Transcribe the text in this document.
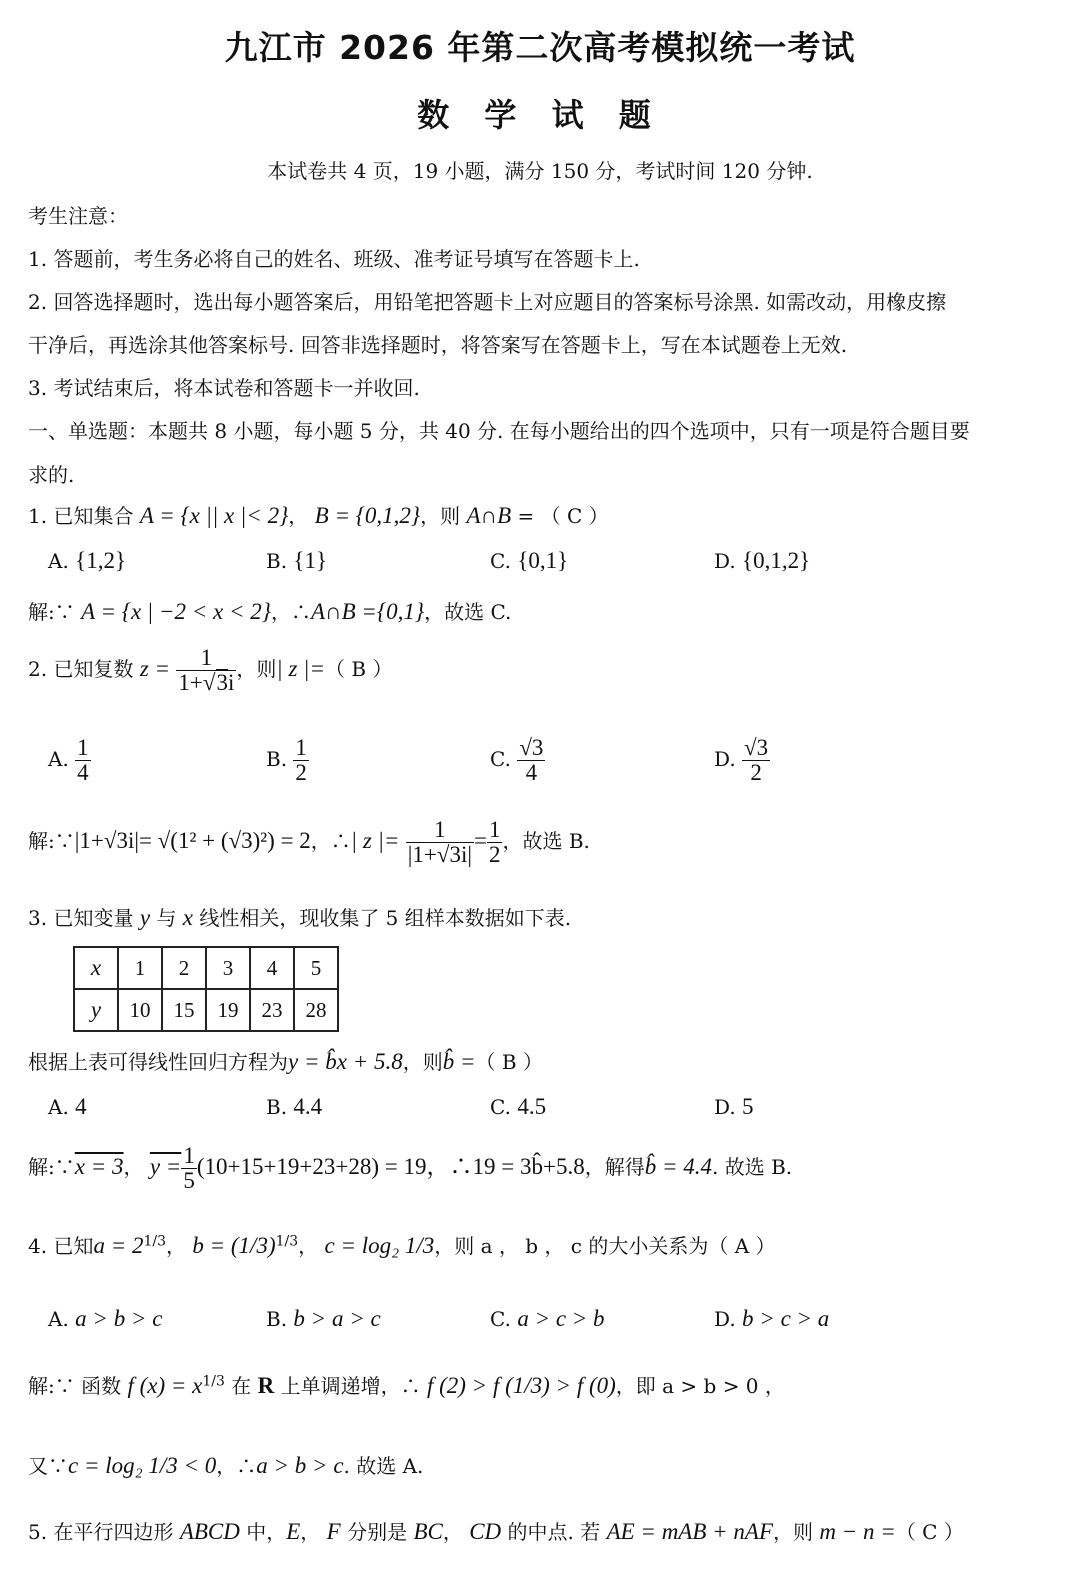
九江市 2026 年第二次高考模拟统一考试
数 学 试 题
本试卷共 4 页，19 小题，满分 150 分，考试时间 120 分钟.
考生注意：
1. 答题前，考生务必将自己的姓名、班级、准考证号填写在答题卡上.
2. 回答选择题时，选出每小题答案后，用铅笔把答题卡上对应题目的答案标号涂黑. 如需改动，用橡皮擦
干净后，再选涂其他答案标号. 回答非选择题时，将答案写在答题卡上，写在本试题卷上无效.
3. 考试结束后，将本试卷和答题卡一并收回.
一、单选题：本题共 8 小题，每小题 5 分，共 40 分. 在每小题给出的四个选项中，只有一项是符合题目要
求的.
1. 已知集合 A = {x || x |< 2}， B = {0,1,2}，则 A∩B = （ C ）
A. {1,2}	B. {1}	C. {0,1}	D. {0,1,2}
解:∵ A = {x | −2 < x < 2}，∴A∩B ={0,1}，故选 C.
2. 已知复数 $z = \frac{1}{1+√3i}$ ，则| z |=（ B ）
A. $\frac{1}{4}$	B. $\frac{1}{2}$	C. $\frac{√3}{4}$	D. $\frac{√3}{2}$
解:∵|1+√3i|= √(1² + (√3)²) = 2，∴| z |= $\frac{1}{|1+√3i|} = \frac{1}{2}$ ，故选 B.
3. 已知变量 y 与 x 线性相关，现收集了 5 组样本数据如下表.
x	1	2	3	4	5
y	10	15	19	23	28
根据上表可得线性回归方程为y = b̂x + 5.8，则b̂ =（ B ）
A. 4	B. 4.4	C. 4.5	D. 5
解:∵x = 3， $y = \frac{1}{5} (10+15+19+23+28) = 19$，∴19 = 3b̂+5.8，解得b̂ = 4.4. 故选 B.
4. 已知$a = 2^{1/3}$， $b = (1/3)^{1/3}$， c = log₂ 1/3，则 a ， b ， c 的大小关系为（ A ）
A. a > b > c	B. b > a > c	C. a > c > b	D. b > c > a
解:∵ 函数 f $(x) = x^{1/3}$ 在 R 上单调递增，∴ f (2) > f (1/3) > f (0)，即 a > b > 0 ，
又∵c = log₂ 1/3 < 0，∴a > b > c. 故选 A.
5. 在平行四边形 ABCD 中，E， F 分别是 BC， CD 的中点. 若 AE = mAB + nAF，则 m − n =（ C ）
